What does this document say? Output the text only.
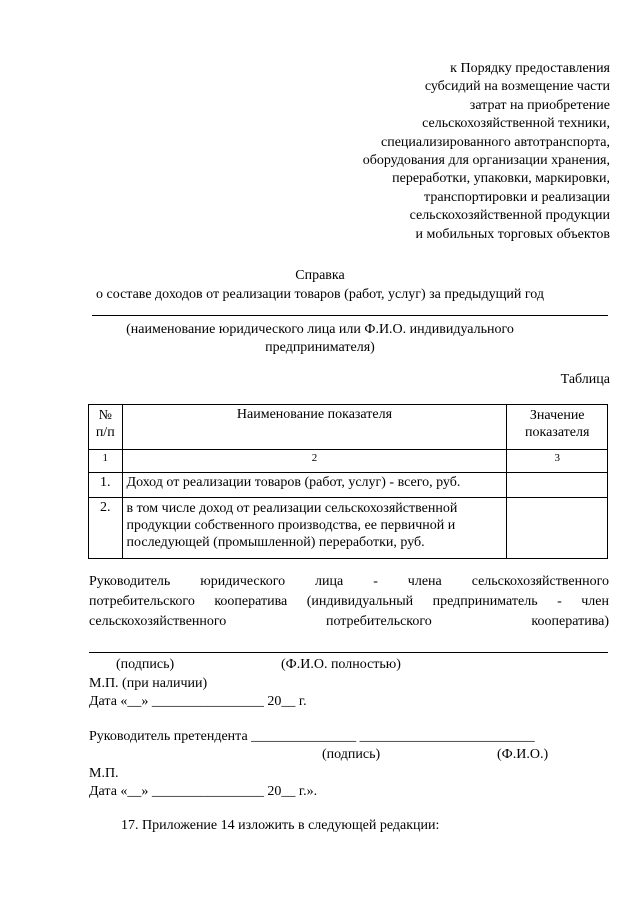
к Порядку предоставления
субсидий на возмещение части
затрат на приобретение
сельскохозяйственной техники,
специализированного автотранспорта,
оборудования для организации хранения,
переработки, упаковки, маркировки,
транспортировки и реализации
сельскохозяйственной продукции
и мобильных торговых объектов
Справка
о составе доходов от реализации товаров (работ, услуг) за предыдущий год
(наименование юридического лица или Ф.И.О. индивидуального
предпринимателя)
Таблица
№ п/п	Наименование показателя	Значение показателя
1	2	3
1.	Доход от реализации товаров (работ, услуг) - всего, руб.	
2.	в том числе доход от реализации сельскохозяйственной продукции собственного производства, ее первичной и последующей (промышленной) переработки, руб.	
Руководитель юридического лица - члена сельскохозяйственного
потребительского кооператива (индивидуальный предприниматель - член
сельскохозяйственного потребительского кооператива)
(подпись)	(Ф.И.О. полностью)
М.П. (при наличии)
Дата «__» ________________ 20__ г.
Руководитель претендента _______________ _________________________
(подпись)	(Ф.И.О.)
М.П.
Дата «__» ________________ 20__ г.».
17. Приложение 14 изложить в следующей редакции:
